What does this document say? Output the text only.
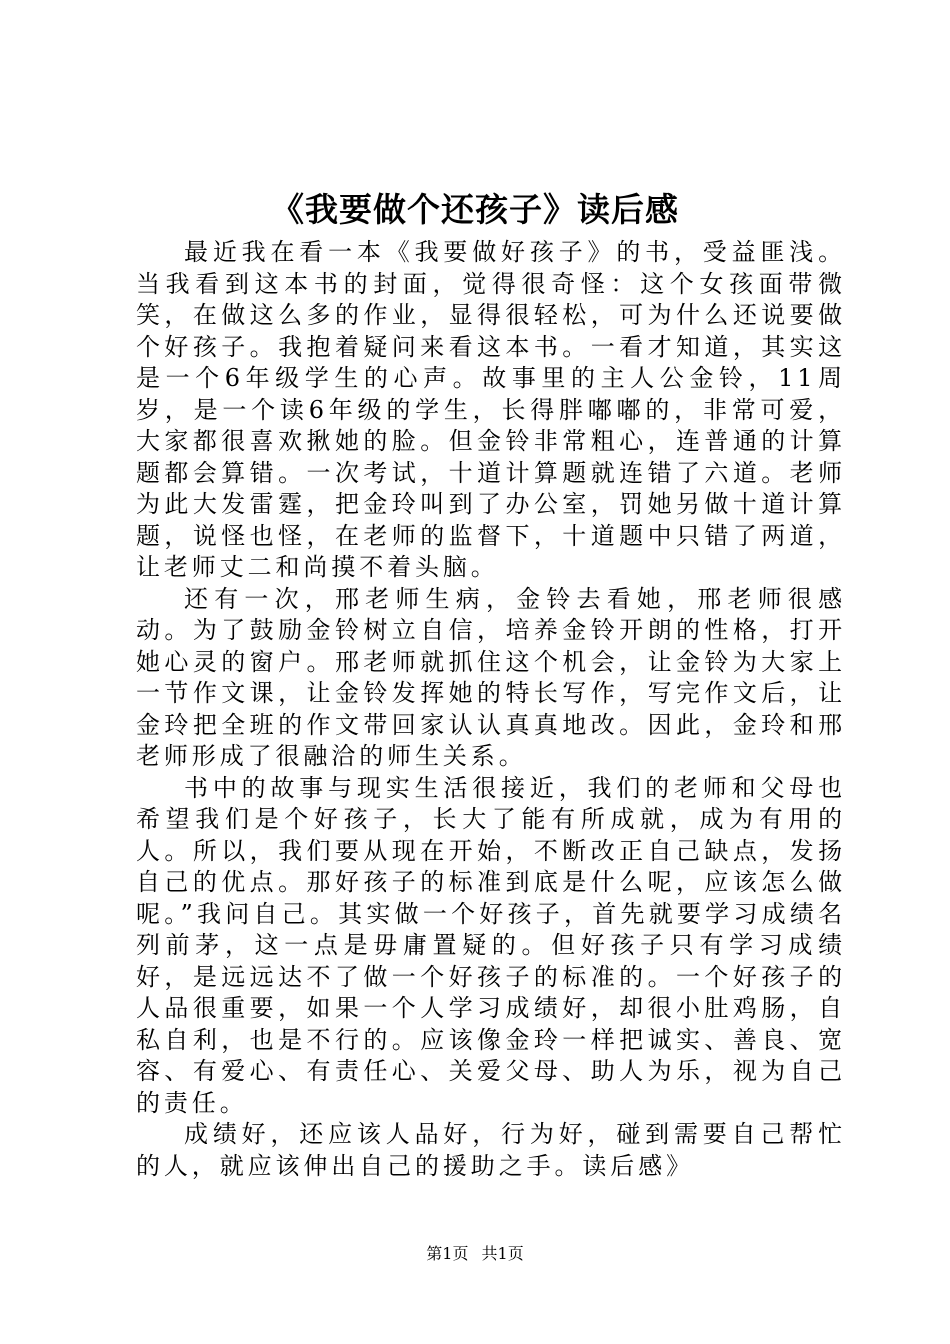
《我要做个还孩子》读后感

最近我在看一本《我要做好孩子》的书，受益匪浅。当我看到这本书的封面，觉得很奇怪：这个女孩面带微笑，在做这么多的作业，显得很轻松，可为什么还说要做个好孩子。我抱着疑问来看这本书。一看才知道，其实这是一个6年级学生的心声。故事里的主人公金铃，11周岁，是一个读6年级的学生，长得胖嘟嘟的，非常可爱，大家都很喜欢揪她的脸。但金铃非常粗心，连普通的计算题都会算错。一次考试，十道计算题就连错了六道。老师为此大发雷霆，把金玲叫到了办公室，罚她另做十道计算题，说怪也怪，在老师的监督下，十道题中只错了两道，让老师丈二和尚摸不着头脑。

还有一次，邢老师生病，金铃去看她，邢老师很感动。为了鼓励金铃树立自信，培养金铃开朗的性格，打开她心灵的窗户。邢老师就抓住这个机会，让金铃为大家上一节作文课，让金铃发挥她的特长写作，写完作文后，让金玲把全班的作文带回家认认真真地改。因此，金玲和邢老师形成了很融洽的师生关系。

书中的故事与现实生活很接近，我们的老师和父母也希望我们是个好孩子，长大了能有所成就，成为有用的人。所以，我们要从现在开始，不断改正自己缺点，发扬自己的优点。那好孩子的标准到底是什么呢，应该怎么做呢。”我问自己。其实做一个好孩子，首先就要学习成绩名列前茅，这一点是毋庸置疑的。但好孩子只有学习成绩好，是远远达不了做一个好孩子的标准的。一个好孩子的人品很重要，如果一个人学习成绩好，却很小肚鸡肠，自私自利，也是不行的。应该像金玲一样把诚实、善良、宽容、有爱心、有责任心、关爱父母、助人为乐，视为自己的责任。

成绩好，还应该人品好，行为好，碰到需要自己帮忙的人，就应该伸出自己的援助之手。读后感》

第1页 共1页
